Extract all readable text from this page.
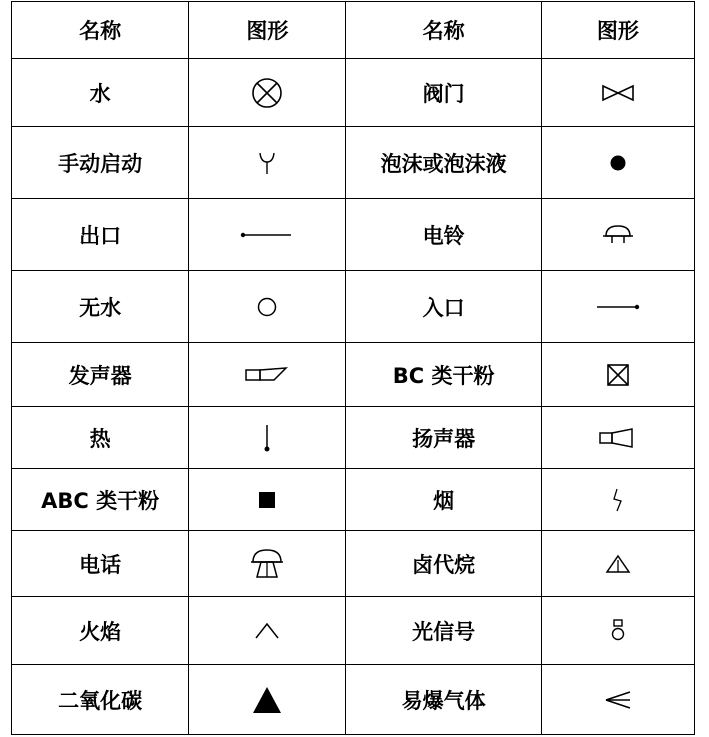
名称	图形	名称	图形
水		阀门	

手动启动		泡沫或泡沫液	

出口		电铃	

无水		入口	

发声器		BC 类干粉	

热		扬声器	

ABC 类干粉		烟	

电话		卤代烷	

火焰		光信号	

二氧化碳		易爆气体	
